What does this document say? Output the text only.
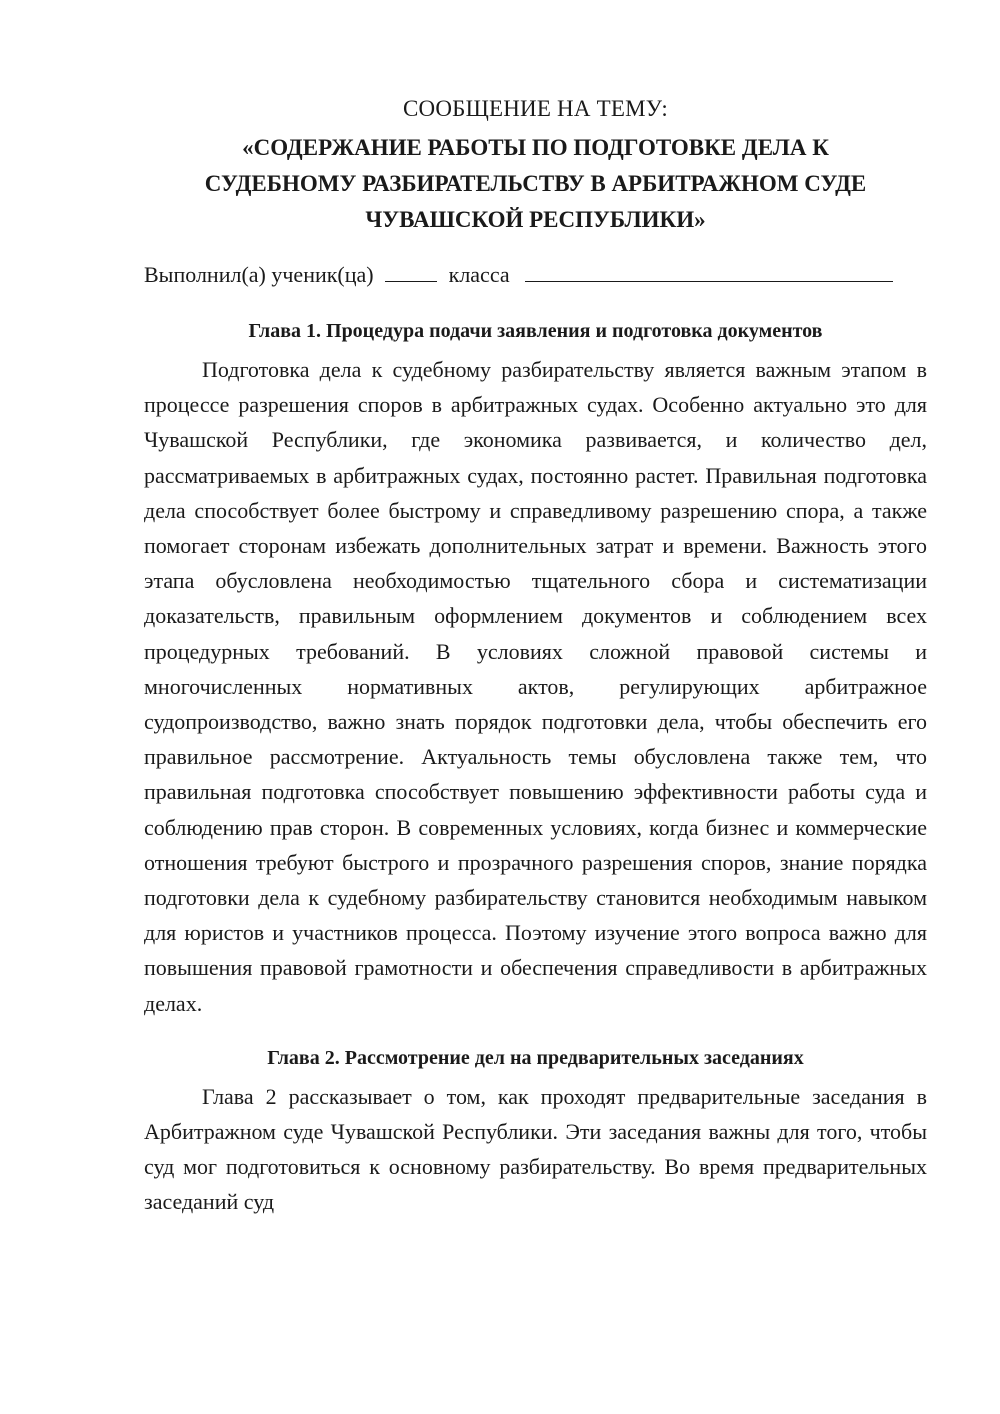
СООБЩЕНИЕ НА ТЕМУ:

«СОДЕРЖАНИЕ РАБОТЫ ПО ПОДГОТОВКЕ ДЕЛА К СУДЕБНОМУ РАЗБИРАТЕЛЬСТВУ В АРБИТРАЖНОМ СУДЕ ЧУВАШСКОЙ РЕСПУБЛИКИ»

Выполнил(а) ученик(ца)	класса

Глава 1. Процедура подачи заявления и подготовка документов

Подготовка дела к судебному разбирательству является важным этапом в процессе разрешения споров в арбитражных судах. Особенно актуально это для Чувашской Республики, где экономика развивается, и количество дел, рассматриваемых в арбитражных судах, постоянно растет. Правильная подготовка дела способствует более быстрому и справедливому разрешению спора, а также помогает сторонам избежать дополнительных затрат и времени. Важность этого этапа обусловлена необходимостью тщательного сбора и систематизации доказательств, правильным оформлением документов и соблюдением всех процедурных требований. В условиях сложной правовой системы и многочисленных нормативных актов, регулирующих арбитражное судопроизводство, важно знать порядок подготовки дела, чтобы обеспечить его правильное рассмотрение. Актуальность темы обусловлена также тем, что правильная подготовка способствует повышению эффективности работы суда и соблюдению прав сторон. В современных условиях, когда бизнес и коммерческие отношения требуют быстрого и прозрачного разрешения споров, знание порядка подготовки дела к судебному разбирательству становится необходимым навыком для юристов и участников процесса. Поэтому изучение этого вопроса важно для повышения правовой грамотности и обеспечения справедливости в арбитражных делах.

Глава 2. Рассмотрение дел на предварительных заседаниях

Глава 2 рассказывает о том, как проходят предварительные заседания в Арбитражном суде Чувашской Республики. Эти заседания важны для того, чтобы суд мог подготовиться к основному разбирательству. Во время предварительных заседаний суд
